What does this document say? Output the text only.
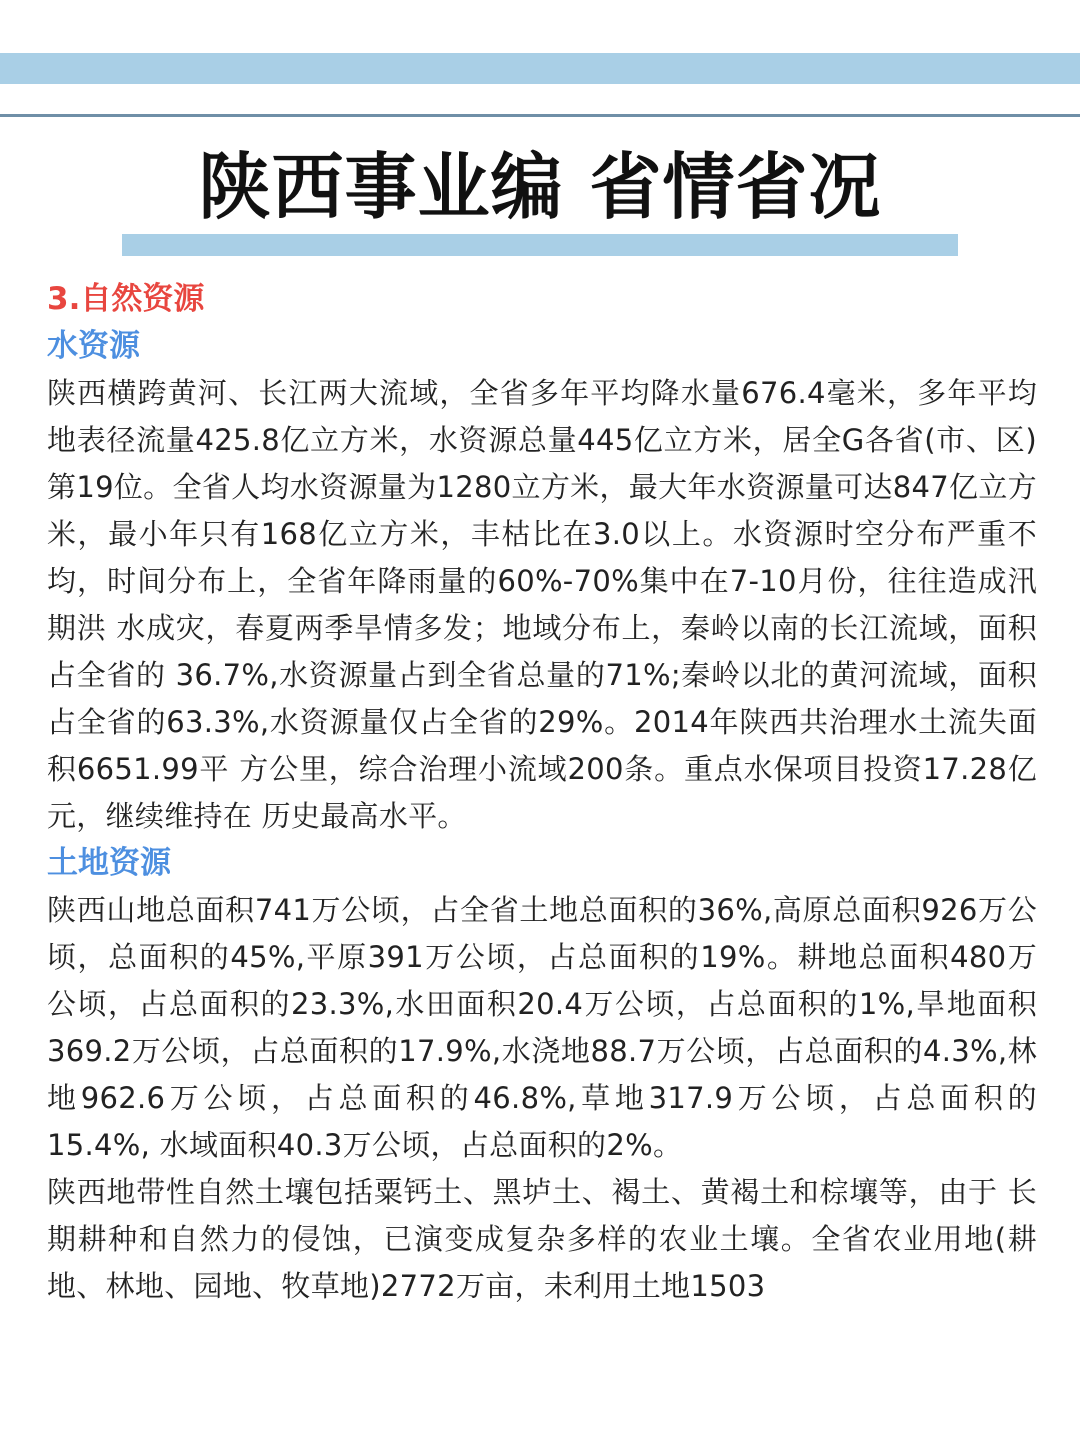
陕西事业编 省情省况

3.自然资源

水资源

陕西横跨黄河、长江两大流域，全省多年平均降水量676.4毫米，多年平均地表径流量425.8亿立方米，水资源总量445亿立方米，居全G各省(市、区) 第19位。全省人均水资源量为1280立方米，最大年水资源量可达847亿立方米，最小年只有168亿立方米，丰枯比在3.0以上。水资源时空分布严重不均，时间分布上，全省年降雨量的60%-70%集中在7-10月份，往往造成汛期洪 水成灾，春夏两季旱情多发；地域分布上，秦岭以南的长江流域，面积占全省的 36.7%,水资源量占到全省总量的71%;秦岭以北的黄河流域，面积占全省的63.3%,水资源量仅占全省的29%。2014年陕西共治理水土流失面积6651.99平 方公里，综合治理小流域200条。重点水保项目投资17.28亿元，继续维持在 历史最高水平。

土地资源

陕西山地总面积741万公顷，占全省土地总面积的36%,高原总面积926万公顷，总面积的45%,平原391万公顷，占总面积的19%。耕地总面积480万 公顷，占总面积的23.3%,水田面积20.4万公顷，占总面积的1%,旱地面积369.2万公顷，占总面积的17.9%,水浇地88.7万公顷，占总面积的4.3%,林 地962.6万公顷，占总面积的46.8%,草地317.9万公顷，占总面积的15.4%, 水域面积40.3万公顷，占总面积的2%。

陕西地带性自然土壤包括粟钙土、黑垆土、褐土、黄褐土和棕壤等，由于 长期耕种和自然力的侵蚀，已演变成复杂多样的农业土壤。全省农业用地(耕 地、林地、园地、牧草地)2772万亩，未利用土地1503
